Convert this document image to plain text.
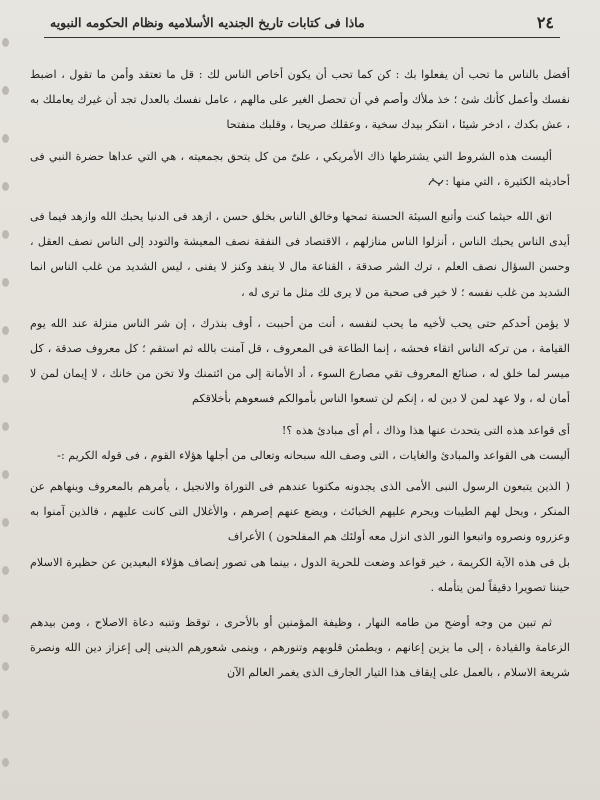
٢٤
ماذا فى كتابات تاريخ الجنديه الأسلاميه ونظام الحكومه النبويه

أفضل بالناس ما تحب أن يفعلوا بك : كن كما تحب أن يكون أخاص الناس لك : قل ما تعتقد وأمن ما تقول ، اضبط نفسك وأعمل كأنك شئ ؛ خذ ملأك وأصم في أن تحصل الغير على مالهم ، عامل نفسك بالعدل تجد أن غيرك يعاملك به ، عش بكدك ، ادخر شيئا ، انتكر بيدك سخية ، وعقلك صريحا ، وقلبك منفتحا

أليست هذه الشروط التي يشترطها ذاك الأمريكي ، علىّ من كل يتحق بجمعيته ، هي التي عداها حضرة النبي فى أحاديثه الكثيرة ، التي منها :

اتق الله حيثما كنت وأتبع السيئة الحسنة تمحها وخالق الناس بخلق حسن ، ازهد فى الدنيا يحبك الله وازهد فيما فى أيدى الناس يحبك الناس ، أنزلوا الناس منازلهم ، الاقتصاد فى النفقة نصف المعيشة والتودد إلى الناس نصف العقل ، وحسن السؤال نصف العلم ، ترك الشر صدقة ، القناعة مال لا ينفد وكنز لا يفنى ، ليس الشديد من غلب الناس انما الشديد من غلب نفسه ؛ لا خير فى صحبة من لا يرى لك مثل ما ترى له ،

لا يؤمن أحدكم حتى يحب لأخيه ما يحب لنفسه ، أنت من أحببت ، أوف بنذرك ، إن شر الناس منزلة عند الله يوم القيامة ، من تركه الناس اتقاء فحشه ، إنما الطاعة فى المعروف ، قل آمنت بالله ثم استقم ؛ كل معروف صدقة ، كل ميسر لما خلق له ، صنائع المعروف تقي مصارع السوء ، أد الأمانة إلى من ائتمنك ولا تخن من خانك ، لا إيمان لمن لا أمان له ، ولا عهد لمن لا دين له ، إنكم لن تسعوا الناس بأموالكم فسعوهم بأخلاقكم

أى قواعد هذه التى يتحدث عنها هذا وذاك ، أم أى مبادئ هذه ؟!

أليست هى القواعد والمبادئ والغايات ، التى وصف الله سبحانه وتعالى من أجلها هؤلاء القوم ، فى قوله الكريم :-

( الذين يتبعون الرسول النبى الأمى الذى يجدونه مكتوبا عندهم فى التوراة والانجيل ، يأمرهم بالمعروف وينهاهم عن المنكر ، ويحل لهم الطيبات ويحرم عليهم الخبائث ، ويضع عنهم إصرهم ، والأغلال التى كانت عليهم ، فالذين آمنوا به وعزروه ونصروه واتبعوا النور الذى انزل معه أولئك هم المفلحون ) الأعراف

بل فى هذه الآية الكريمة ، خير قواعد وضعت للحرية الدول ، بينما هى تصور إنصاف هؤلاء البعيدين عن حظيرة الاسلام حيننا تصويرا دقيقاً لمن يتأمله .

ثم تبين من وجه أوضح من طامه النهار ، وظيفة المؤمنين أو بالأحرى ، توقظ وتنبه دعاة الاصلاح ، ومن بيدهم الزعامة والقيادة ، إلى ما يزين إعانهم ، ويطمئن قلوبهم وتنورهم ، وينمى شعورهم الدينى إلى إعزاز دين الله ونصرة شريعة الاسلام ، بالعمل على إيقاف هذا التيار الجارف الذى يغمر العالم الآن
